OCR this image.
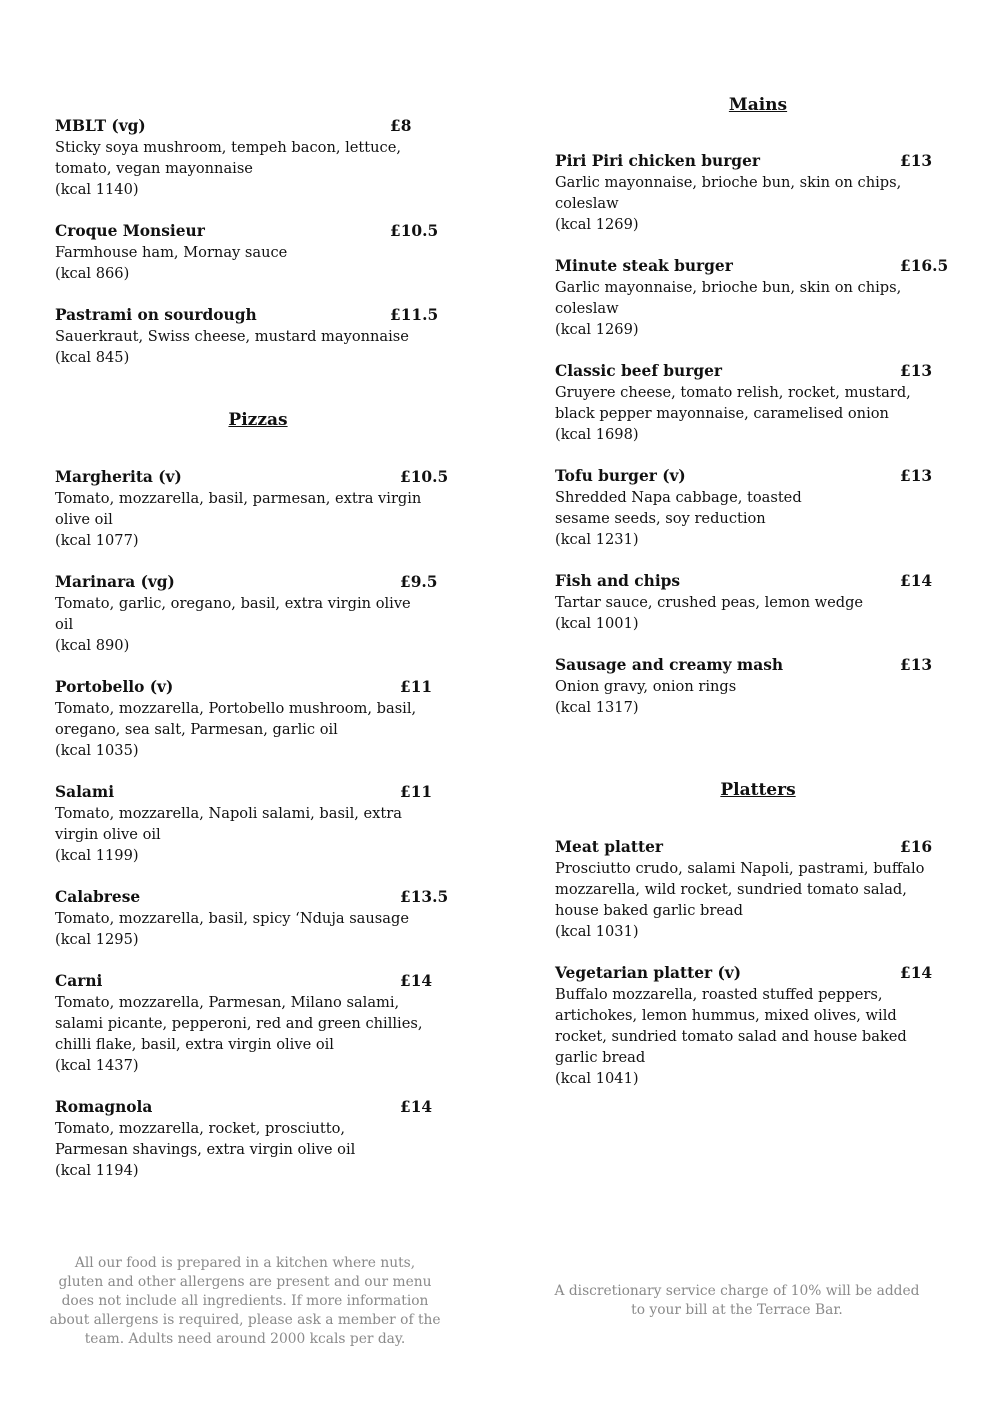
Pizzas
Mains
Platters
All our food is prepared in a kitchen where nuts,
gluten and other allergens are present and our menu
does not include all ingredients. If more information
about allergens is required, please ask a member of the
team. Adults need around 2000 kcals per day.
A discretionary service charge of 10% will be added
to your bill at the Terrace Bar.
MBLT (vg)	£8
Sticky soya mushroom, tempeh bacon, lettuce,
tomato, vegan mayonnaise
(kcal 1140)
Croque Monsieur	£10.5
Farmhouse ham, Mornay sauce
(kcal 866)
Pastrami on sourdough	£11.5
Sauerkraut, Swiss cheese, mustard mayonnaise
(kcal 845)
Margherita (v)	£10.5
Tomato, mozzarella, basil, parmesan, extra virgin
olive oil
(kcal 1077)
Marinara (vg)	£9.5
Tomato, garlic, oregano, basil, extra virgin olive
oil
(kcal 890)
Portobello (v)	£11
Tomato, mozzarella, Portobello mushroom, basil,
oregano, sea salt, Parmesan, garlic oil
(kcal 1035)
Salami	£11
Tomato, mozzarella, Napoli salami, basil, extra
virgin olive oil
(kcal 1199)
Calabrese	£13.5
Tomato, mozzarella, basil, spicy ‘Nduja sausage
(kcal 1295)
Carni	£14
Tomato, mozzarella, Parmesan, Milano salami,
salami picante, pepperoni, red and green chillies,
chilli flake, basil, extra virgin olive oil
(kcal 1437)
Romagnola	£14
Tomato, mozzarella, rocket, prosciutto,
Parmesan shavings, extra virgin olive oil
(kcal 1194)
Piri Piri chicken burger	£13
Garlic mayonnaise, brioche bun, skin on chips,
coleslaw
(kcal 1269)
Minute steak burger	£16.5
Garlic mayonnaise, brioche bun, skin on chips,
coleslaw
(kcal 1269)
Classic beef burger	£13
Gruyere cheese, tomato relish, rocket, mustard,
black pepper mayonnaise, caramelised onion
(kcal 1698)
Tofu burger (v)	£13
Shredded Napa cabbage, toasted
sesame seeds, soy reduction
(kcal 1231)
Fish and chips	£14
Tartar sauce, crushed peas, lemon wedge
(kcal 1001)
Sausage and creamy mash	£13
Onion gravy, onion rings
(kcal 1317)
Meat platter	£16
Prosciutto crudo, salami Napoli, pastrami, buffalo
mozzarella, wild rocket, sundried tomato salad,
house baked garlic bread
(kcal 1031)
Vegetarian platter (v)	£14
Buffalo mozzarella, roasted stuffed peppers,
artichokes, lemon hummus, mixed olives, wild
rocket, sundried tomato salad and house baked
garlic bread
(kcal 1041)
